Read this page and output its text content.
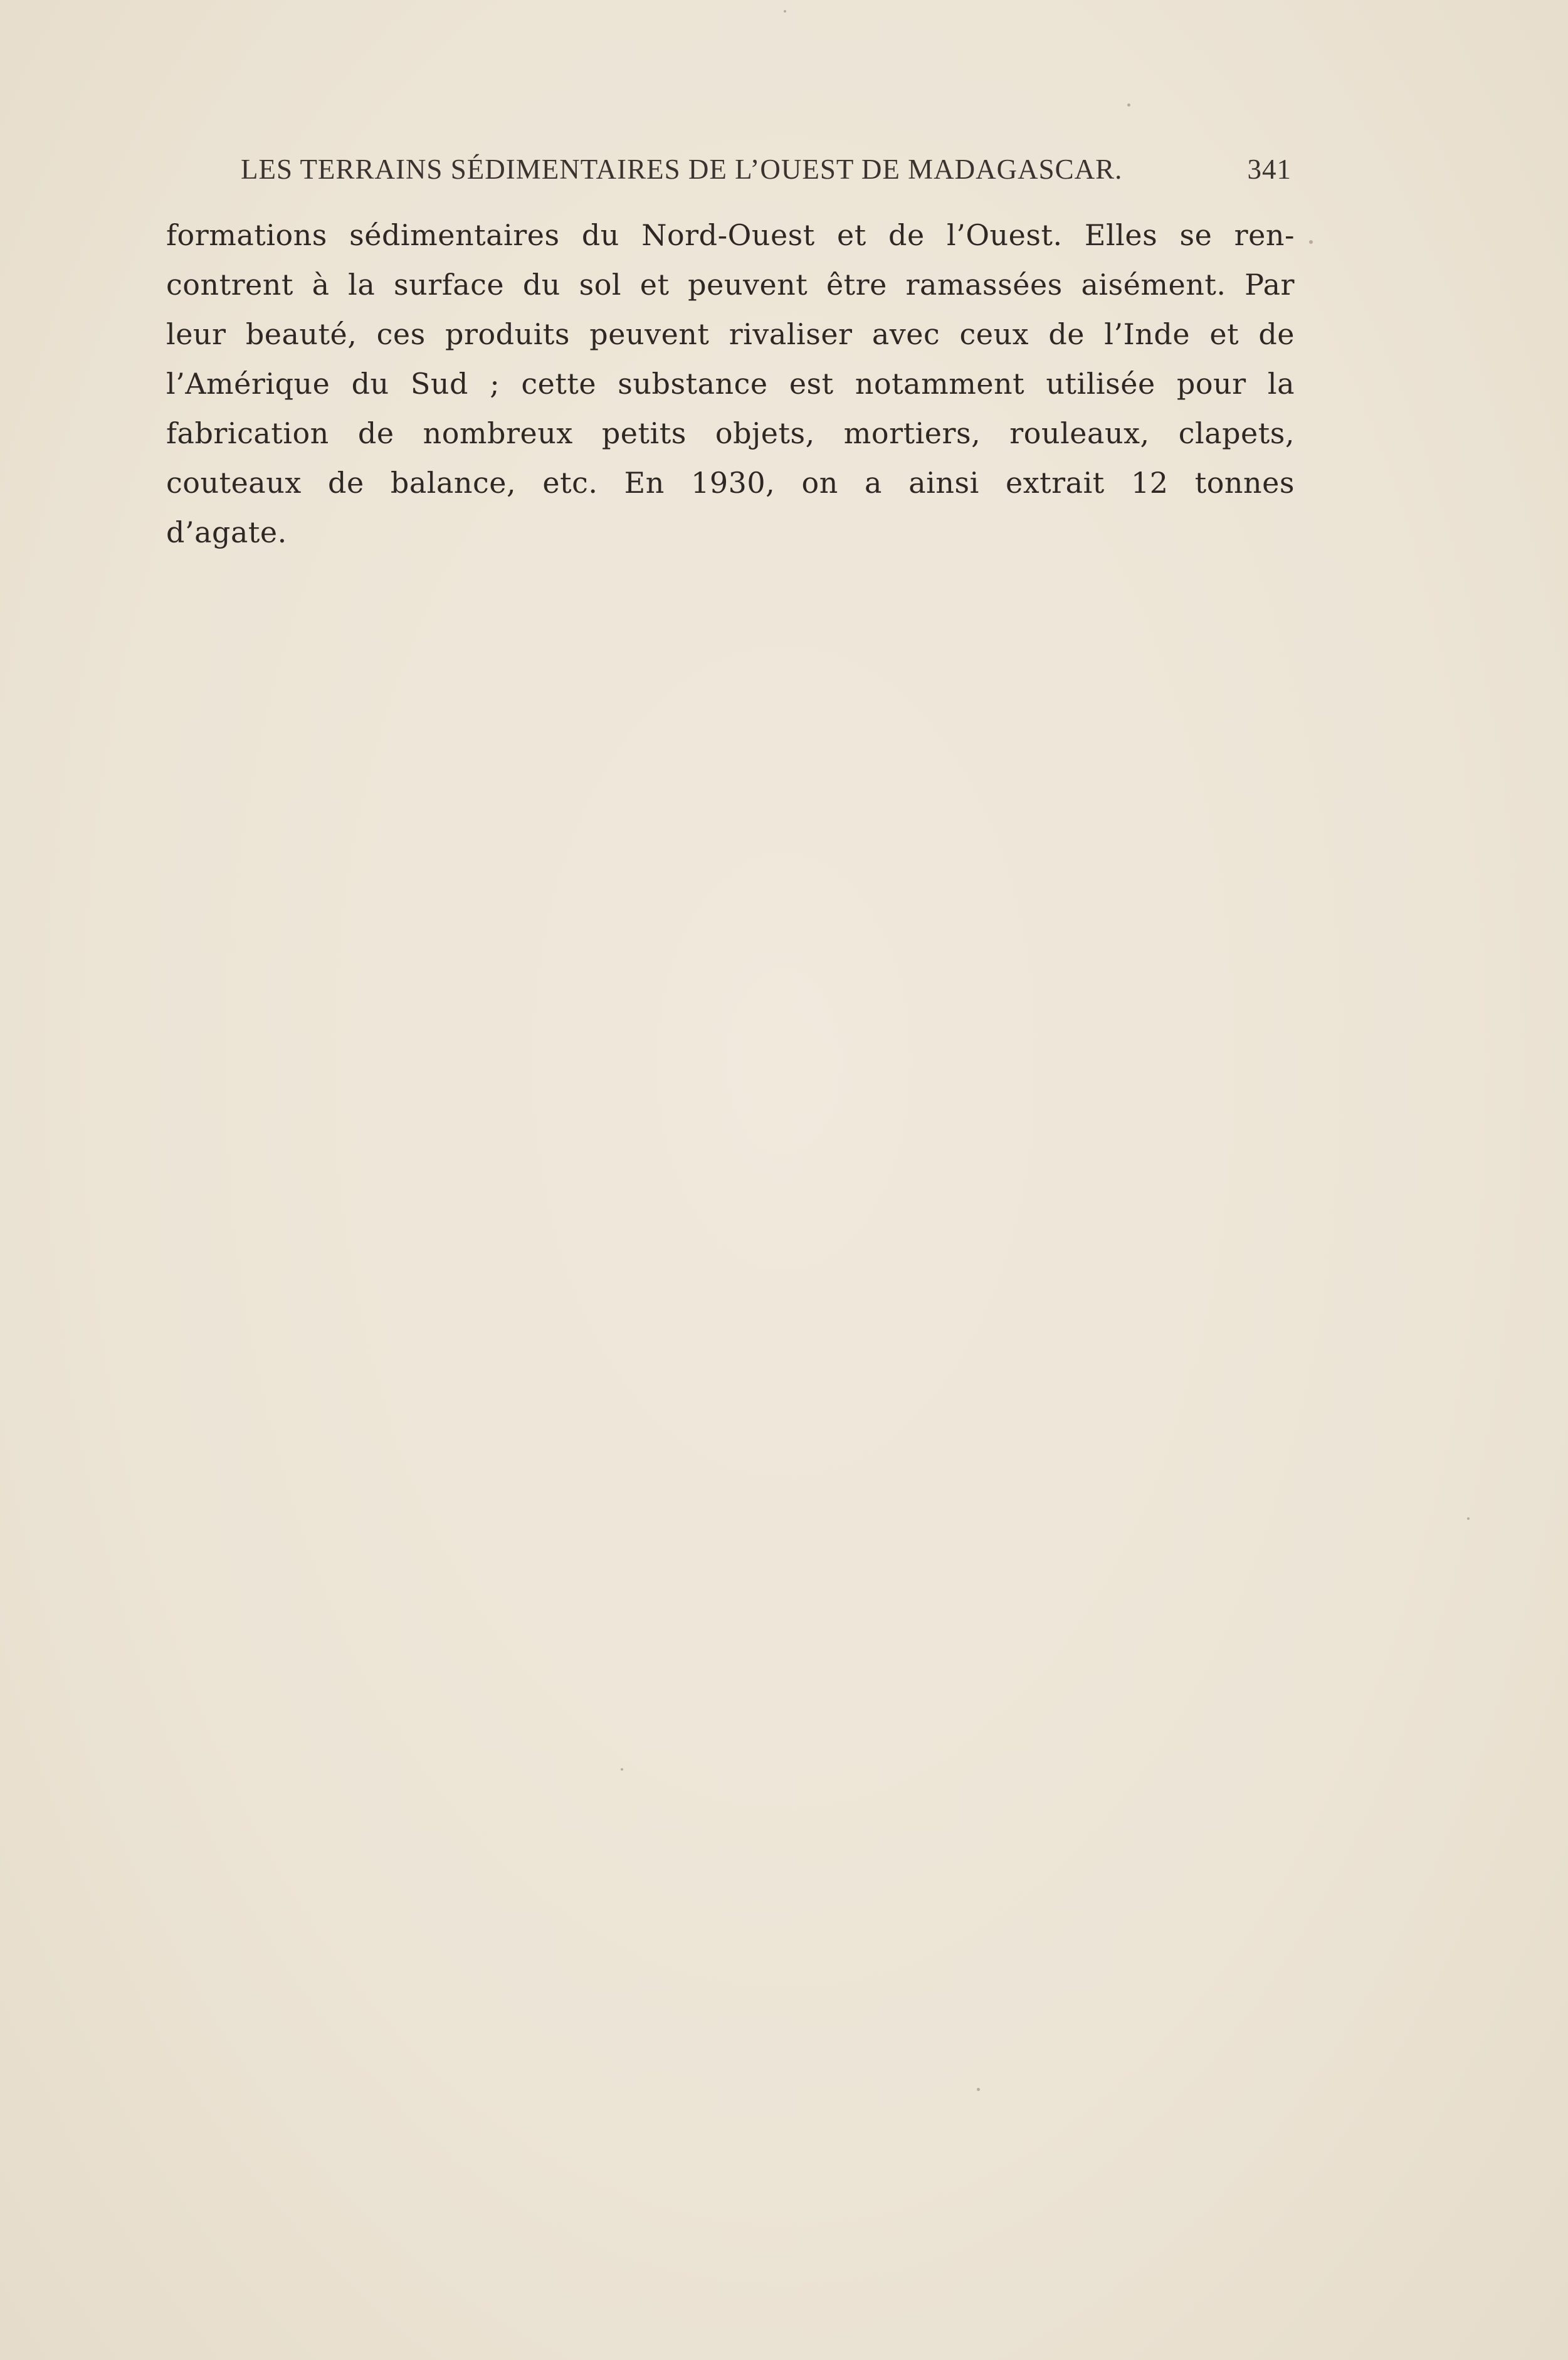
LES TERRAINS SÉDIMENTAIRES DE L’OUEST DE MADAGASCAR.	341
formations sédimentaires du Nord-Ouest et de l’Ouest. Elles se ren-
contrent à la surface du sol et peuvent être ramassées aisément. Par
leur beauté, ces produits peuvent rivaliser avec ceux de l’Inde et de
l’Amérique du Sud ; cette substance est notamment utilisée pour la
fabrication de nombreux petits objets, mortiers, rouleaux, clapets,
couteaux de balance, etc. En 1930, on a ainsi extrait 12 tonnes
d’agate.
